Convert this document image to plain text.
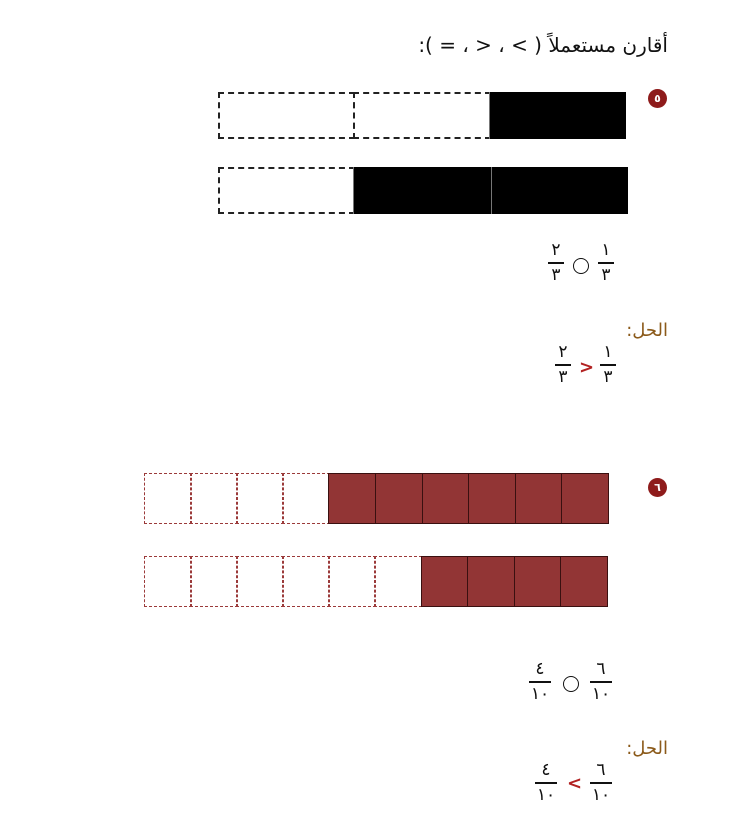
أقارن مستعملاً ( > ، < ، = ):
٥
٢
٣
١
٣
الحل:
٢
٣ >
١
٣
٦
٤
١٠
٦
١٠
الحل:
٤
١٠
<
٦
١٠
